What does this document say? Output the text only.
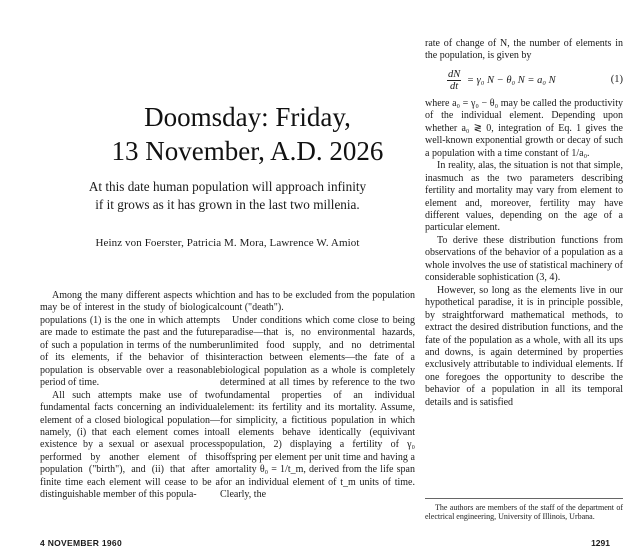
Doomsday: Friday,
13 November, A.D. 2026
At this date human population will approach infinity
if it grows as it has grown in the last two millenia.
Heinz von Foerster, Patricia M. Mora, Lawrence W. Amiot

Among the many different aspects which may be of interest in the study of biological populations (1) is the one in which attempts are made to estimate the past and the future of such a population in terms of the number of its elements, if the behavior of this population is observable over a reasonable period of time.

All such attempts make use of two fundamental facts concerning an individual element of a closed biological population—namely, (i) that each element comes into existence by a sexual or asexual process performed by another element of this population ("birth"), and (ii) that after a finite time each element will cease to be a distinguishable member of this popula-

tion and has to be excluded from the population count ("death").

Under conditions which come close to being paradise—that is, no environmental hazards, unlimited food supply, and no detrimental interaction between elements—the fate of a biological population as a whole is completely determined at all times by reference to the two fundamental properties of an individual element: its fertility and its mortality. Assume, for simplicity, a fictitious population in which all elements behave identically (equivivant population, 2) displaying a fertility of γ₀ offspring per element per unit time and having a mortality θ₀ = 1/t_m, derived from the life span for an individual element of t_m units of time. Clearly, the

rate of change of N, the number of elements in the population, is given by

$\frac{dN}{dt} = \gamma_0$ N − θ₀ N = a₀ N	(1)

where a₀ = γ₀ − θ₀ may be called the productivity of the individual element. Depending upon whether a₀ ≷ 0, integration of Eq. 1 gives the well-known exponential growth or decay of such a population with a time constant of 1/a₀.

In reality, alas, the situation is not that simple, inasmuch as the two parameters describing fertility and mortality may vary from element to element and, moreover, fertility may have different values, depending on the age of a particular element.

To derive these distribution functions from observations of the behavior of a population as a whole involves the use of statistical machinery of considerable sophistication (3, 4).

However, so long as the elements live in our hypothetical paradise, it is in principle possible, by straightforward mathematical methods, to extract the desired distribution functions, and the fate of the population as a whole, with all its ups and downs, is again determined by properties exclusively attributable to individual elements. If one foregoes the opportunity to describe the behavior of a population in all its temporal details and is satisfied

The authors are members of the staff of the department of electrical engineering, University of Illinois, Urbana.
4 NOVEMBER 1960	1291
